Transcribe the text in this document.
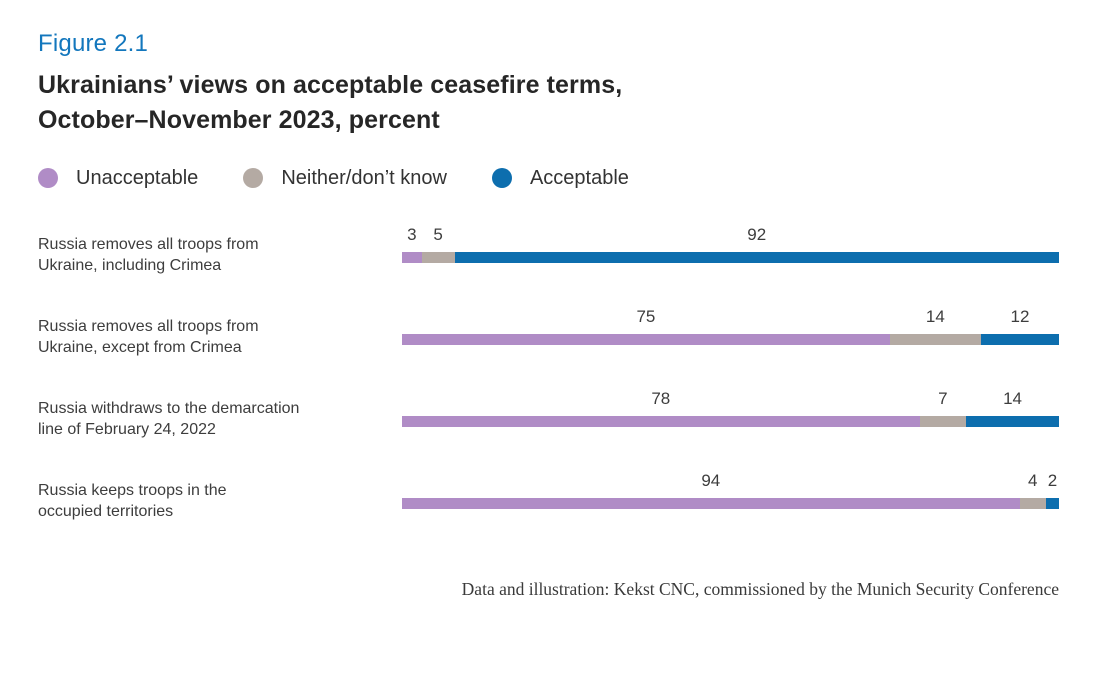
Figure 2.1
Ukrainians’ views on acceptable ceasefire terms,
October–November 2023, percent
Unacceptable	Neither/don’t know	Acceptable
Russia removes all troops from
Ukraine, including Crimea
3 5	92
Russia removes all troops from
Ukraine, except from Crimea
75	14	12
Russia withdraws to the demarcation
line of February 24, 2022
78	7	14
Russia keeps troops in the
occupied territories
94	4 2
Data and illustration: Kekst CNC, commissioned by the Munich Security Conference
